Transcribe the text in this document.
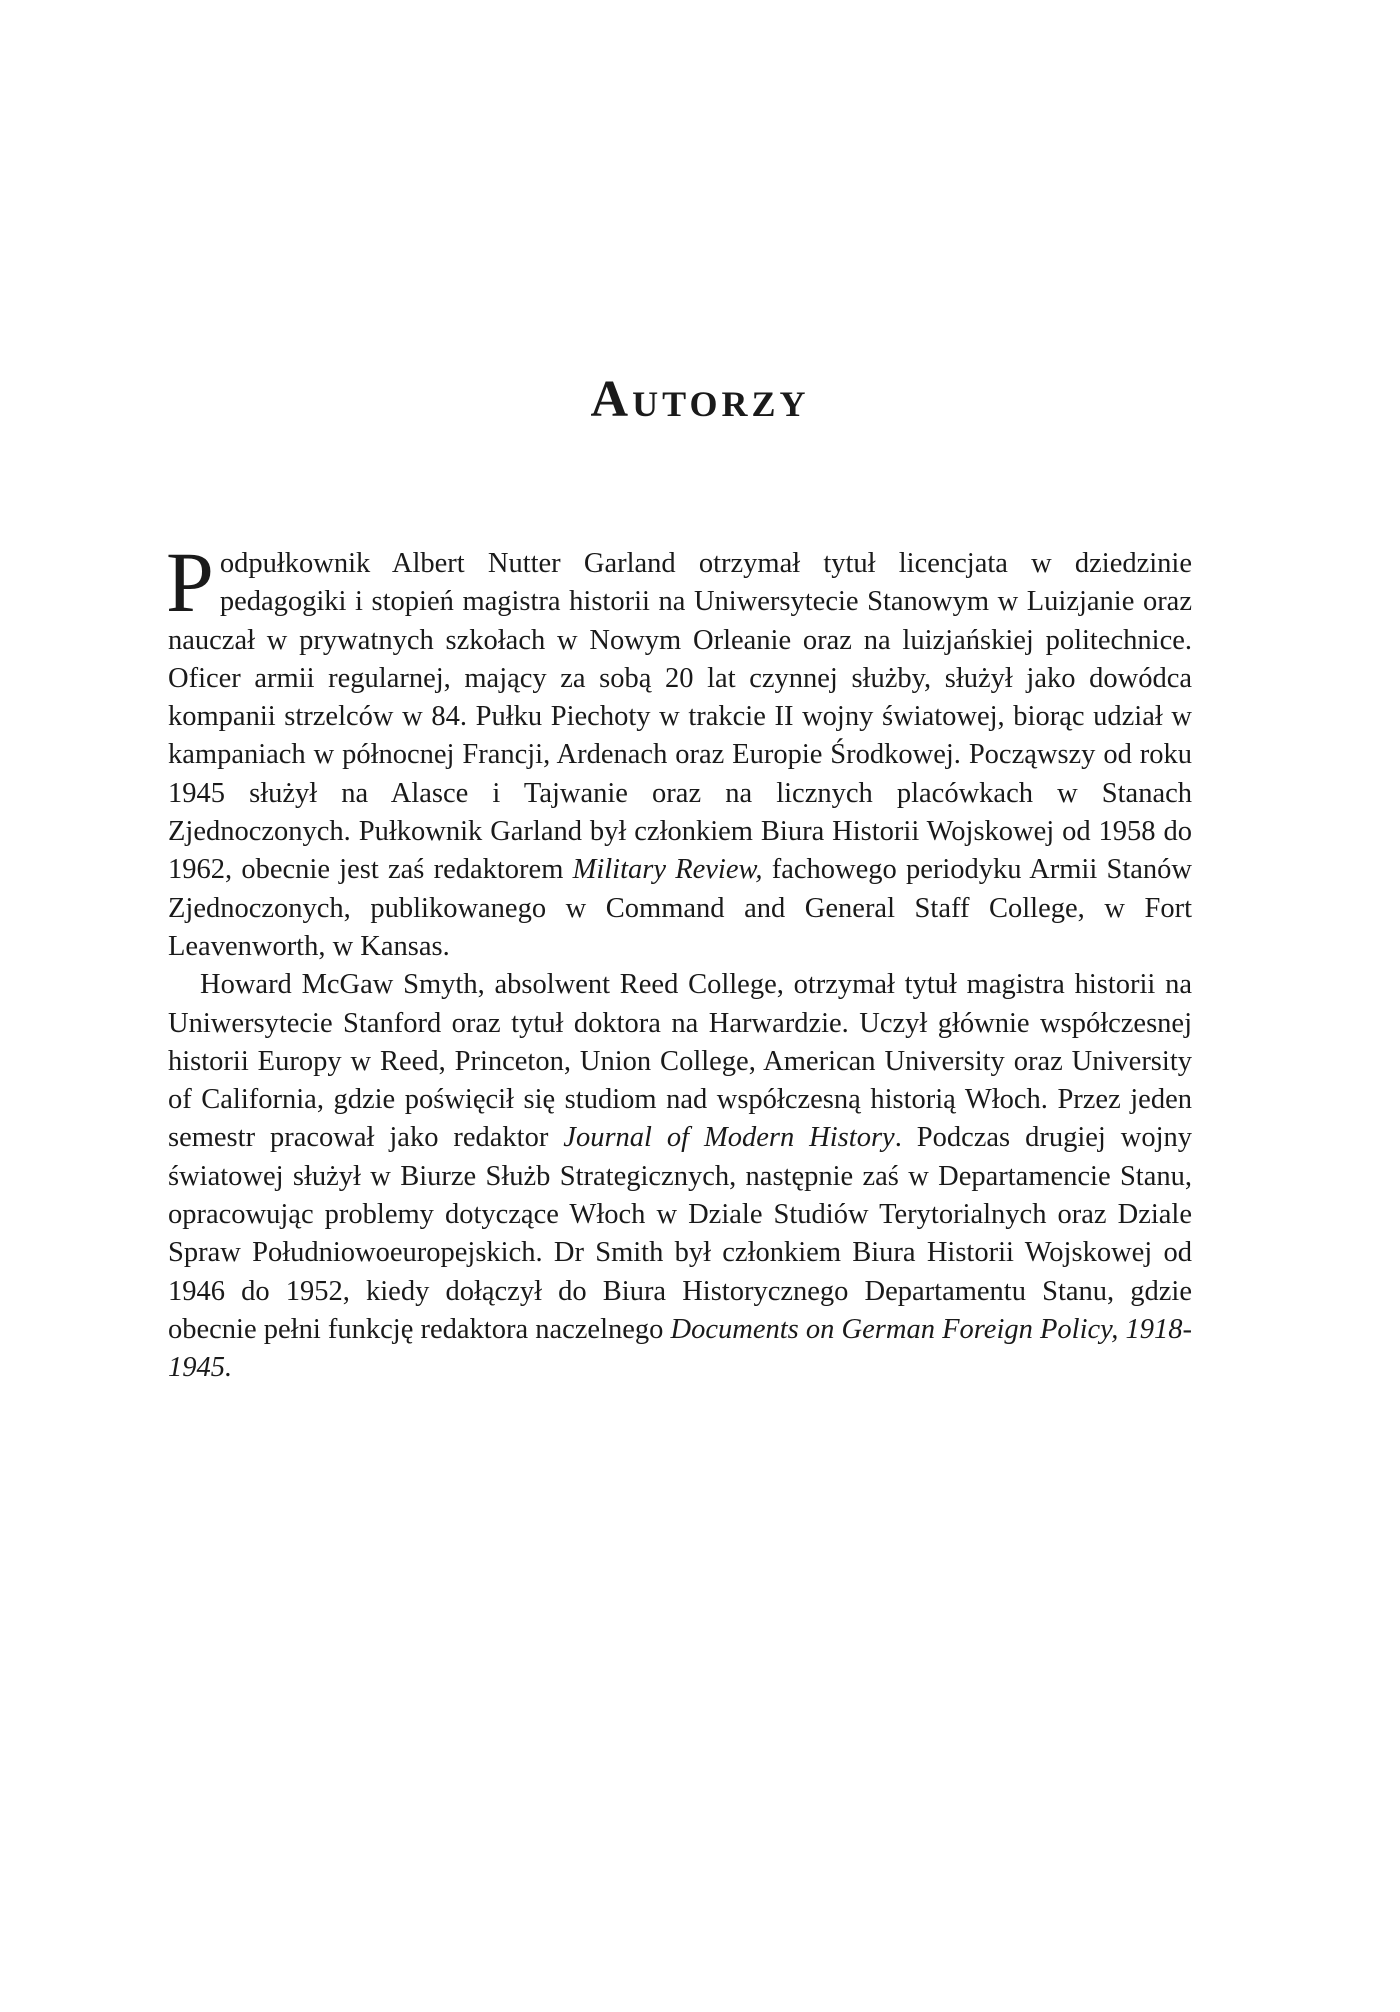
Autorzy

Podpułkownik Albert Nutter Garland otrzymał tytuł licencjata w dziedzinie pedagogiki i stopień magistra historii na Uniwersytecie Stanowym w Luizjanie oraz nauczał w prywatnych szkołach w Nowym Orleanie oraz na luizjańskiej politechnice. Oficer armii regularnej, mający za sobą 20 lat czynnej służby, służył jako dowódca kompanii strzelców w 84. Pułku Piechoty w trakcie II wojny światowej, biorąc udział w kampaniach w północnej Francji, Ardenach oraz Europie Środkowej. Począwszy od roku 1945 służył na Alasce i Tajwanie oraz na licznych placówkach w Stanach Zjednoczonych. Pułkownik Garland był członkiem Biura Historii Wojskowej od 1958 do 1962, obecnie jest zaś redaktorem Military Review, fachowego periodyku Armii Stanów Zjednoczonych, publikowanego w Command and General Staff College, w Fort Leavenworth, w Kansas.

Howard McGaw Smyth, absolwent Reed College, otrzymał tytuł magistra historii na Uniwersytecie Stanford oraz tytuł doktora na Harwardzie. Uczył głównie współczesnej historii Europy w Reed, Princeton, Union College, American University oraz University of California, gdzie poświęcił się studiom nad współczesną historią Włoch. Przez jeden semestr pracował jako redaktor Journal of Modern History. Podczas drugiej wojny światowej służył w Biurze Służb Strategicznych, następnie zaś w Departamencie Stanu, opracowując problemy dotyczące Włoch w Dziale Studiów Terytorialnych oraz Dziale Spraw Południowoeuropejskich. Dr Smith był członkiem Biura Historii Wojskowej od 1946 do 1952, kiedy dołączył do Biura Historycznego Departamentu Stanu, gdzie obecnie pełni funkcję redaktora naczelnego Documents on German Foreign Policy, 1918-1945.
